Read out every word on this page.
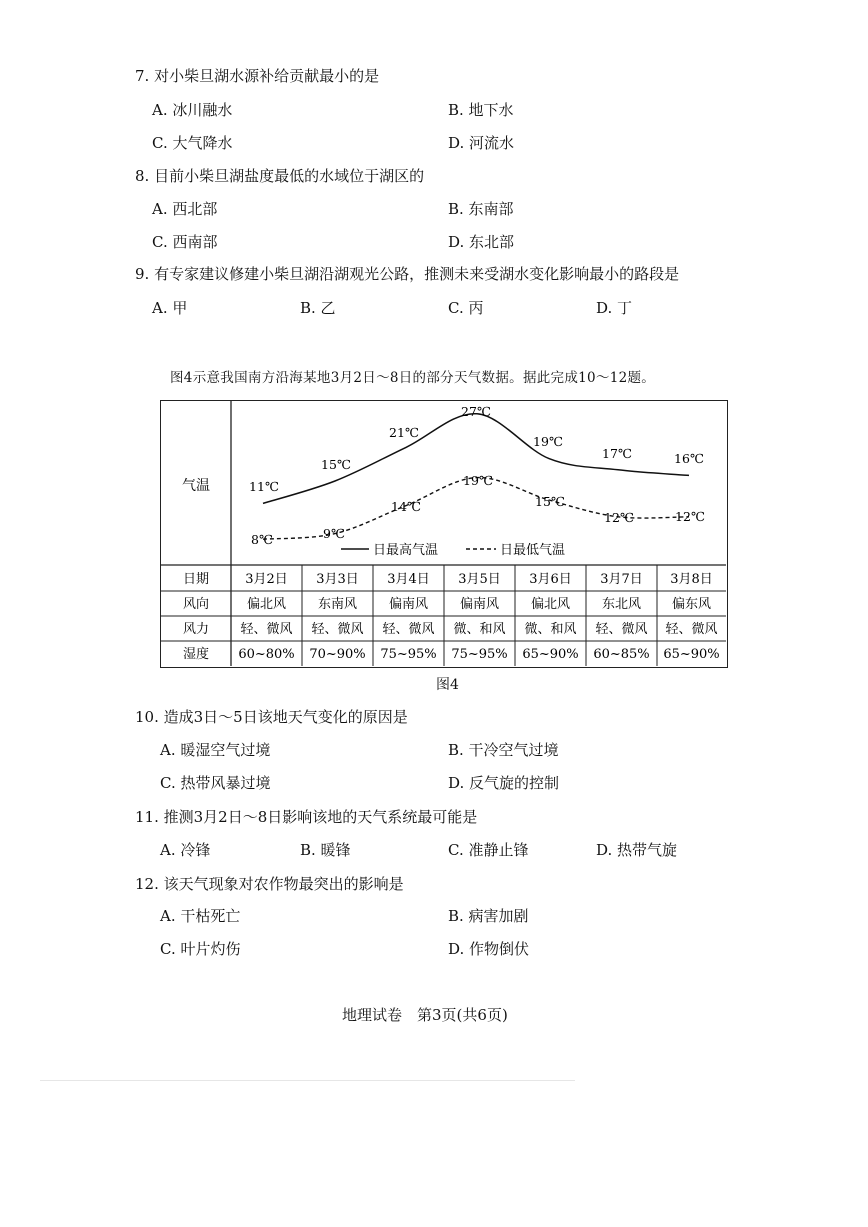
7. 对小柴旦湖水源补给贡献最小的是
A. 冰川融水	B. 地下水
C. 大气降水	D. 河流水
8. 目前小柴旦湖盐度最低的水域位于湖区的
A. 西北部	B. 东南部
C. 西南部	D. 东北部
9. 有专家建议修建小柴旦湖沿湖观光公路，推测未来受湖水变化影响最小的路段是
A. 甲	B. 乙	C. 丙	D. 丁
图4示意我国南方沿海某地3月2日～8日的部分天气数据。据此完成10～12题。
气温	11℃
15℃
21℃
27℃
19℃
17℃	16℃
8℃	9℃
14℃
19℃
15℃
12℃	12℃
日最高气温	日最低气温
日期	3月2日 3月3日 3月4日 3月5日 3月6日 3月7日 3月8日
风向	偏北风 东南风 偏南风 偏南风 偏北风 东北风 偏东风
风力 轻、微风 轻、微风 轻、微风 微、和风 微、和风 轻、微风 轻、微风
湿度 60~80% 70~90% 75~95% 75~95% 65~90% 60~85% 65~90%
图4
10. 造成3日～5日该地天气变化的原因是
A. 暖湿空气过境	B. 干冷空气过境
C. 热带风暴过境	D. 反气旋的控制
11. 推测3月2日～8日影响该地的天气系统最可能是
A. 冷锋	B. 暖锋	C. 准静止锋	D. 热带气旋
12. 该天气现象对农作物最突出的影响是
A. 干枯死亡	B. 病害加剧
C. 叶片灼伤	D. 作物倒伏
地理试卷　第3页(共6页)
